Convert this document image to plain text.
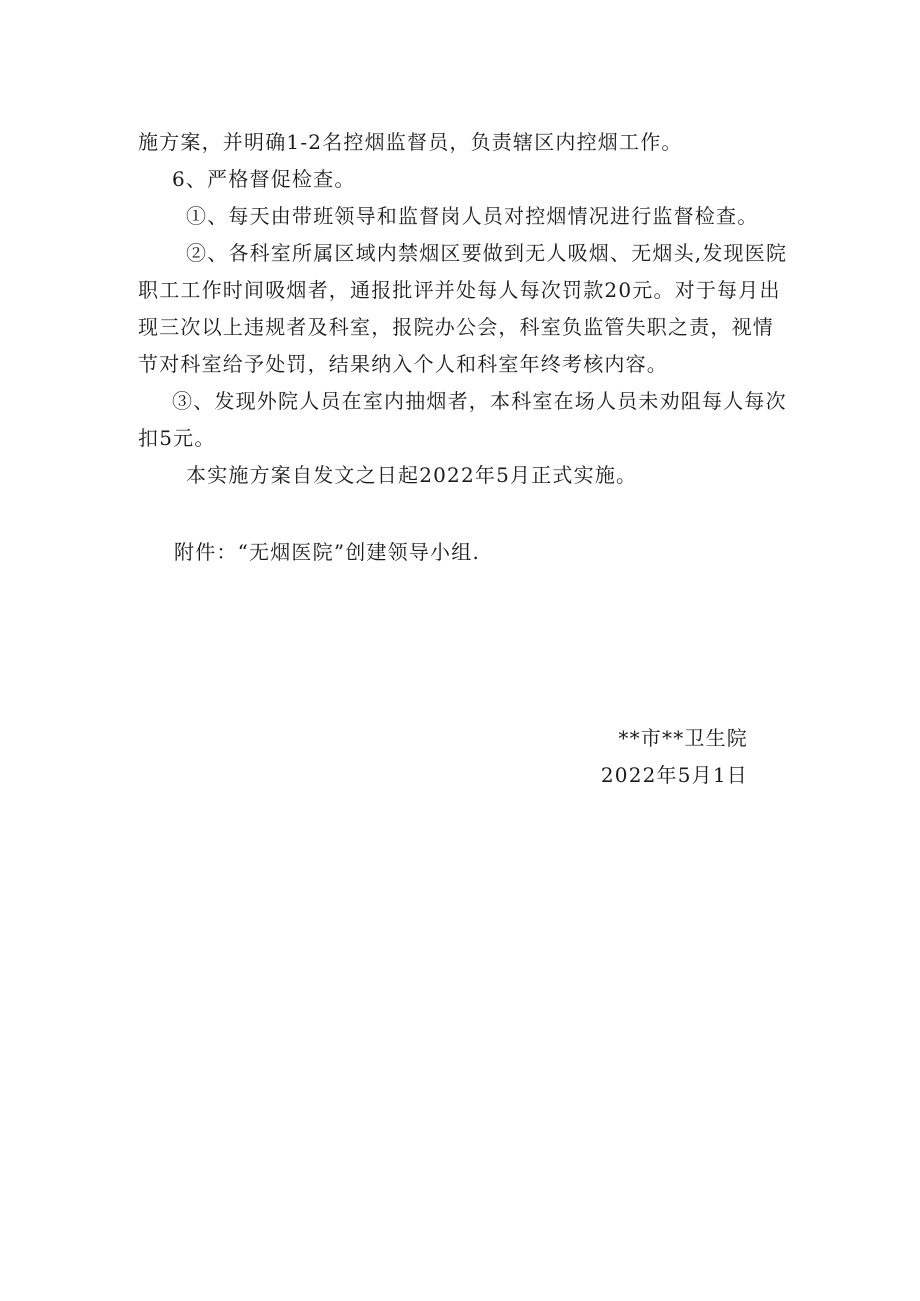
施方案，并明确1-2名控烟监督员，负责辖区内控烟工作。

6、严格督促检查。

①、每天由带班领导和监督岗人员对控烟情况进行监督检查。

②、各科室所属区域内禁烟区要做到无人吸烟、无烟头,发现医院职工工作时间吸烟者，通报批评并处每人每次罚款20元。对于每月出现三次以上违规者及科室，报院办公会，科室负监管失职之责，视情节对科室给予处罚，结果纳入个人和科室年终考核内容。

③、发现外院人员在室内抽烟者，本科室在场人员未劝阻每人每次扣5元。

本实施方案自发文之日起2022年5月正式实施。

附件：“无烟医院”创建领导小组.

**市**卫生院

2022年5月1日
